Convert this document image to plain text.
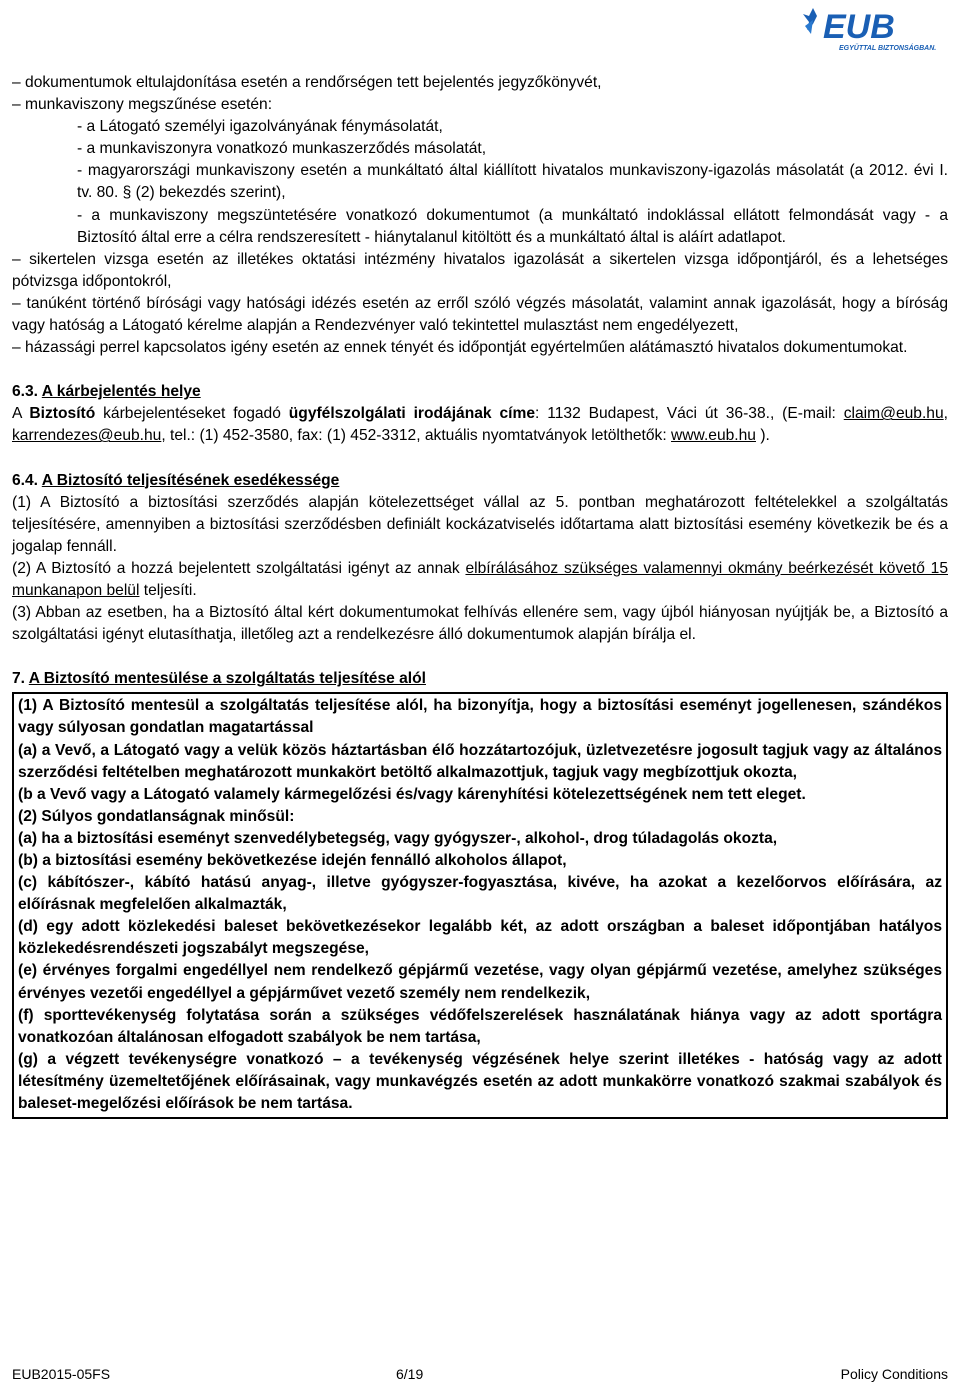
EUB
EGYÜTTAL BIZTONSÁGBAN.

– dokumentumok eltulajdonítása esetén a rendőrségen tett bejelentés jegyzőkönyvét,

– munkaviszony megszűnése esetén:

- a Látogató személyi igazolványának fénymásolatát,

- a munkaviszonyra vonatkozó munkaszerződés másolatát,

- magyarországi munkaviszony esetén a munkáltató által kiállított hivatalos munkaviszony-igazolás másolatát (a 2012. évi I. tv. 80. § (2) bekezdés szerint),

- a munkaviszony megszüntetésére vonatkozó dokumentumot (a munkáltató indoklással ellátott felmondását vagy - a Biztosító által erre a célra rendszeresített - hiánytalanul kitöltött és a munkáltató által is aláírt adatlapot.

– sikertelen vizsga esetén az illetékes oktatási intézmény hivatalos igazolását a sikertelen vizsga időpontjáról, és a lehetséges pótvizsga időpontokról,

– tanúként történő bírósági vagy hatósági idézés esetén az erről szóló végzés másolatát, valamint annak igazolását, hogy a bíróság vagy hatóság a Látogató kérelme alapján a Rendezvényer való tekintettel mulasztást nem engedélyezett,

– házassági perrel kapcsolatos igény esetén az ennek tényét és időpontját egyértelműen alátámasztó hivatalos dokumentumokat.

6.3. A kárbejelentés helye

A Biztosító kárbejelentéseket fogadó ügyfélszolgálati irodájának címe: 1132 Budapest, Váci út 36-38., (E-mail: claim@eub.hu, karrendezes@eub.hu, tel.: (1) 452-3580, fax: (1) 452-3312, aktuális nyomtatványok letölthetők: www.eub.hu ).

6.4. A Biztosító teljesítésének esedékessége

(1) A Biztosító a biztosítási szerződés alapján kötelezettséget vállal az 5. pontban meghatározott feltételekkel a szolgáltatás teljesítésére, amennyiben a biztosítási szerződésben definiált kockázatviselés időtartama alatt biztosítási esemény következik be és a jogalap fennáll.

(2) A Biztosító a hozzá bejelentett szolgáltatási igényt az annak elbírálásához szükséges valamennyi okmány beérkezését követő 15 munkanapon belül teljesíti.

(3) Abban az esetben, ha a Biztosító által kért dokumentumokat felhívás ellenére sem, vagy újból hiányosan nyújtják be, a Biztosító a szolgáltatási igényt elutasíthatja, illetőleg azt a rendelkezésre álló dokumentumok alapján bírálja el.

7. A Biztosító mentesülése a szolgáltatás teljesítése alól

(1) A Biztosító mentesül a szolgáltatás teljesítése alól, ha bizonyítja, hogy a biztosítási eseményt jogellenesen, szándékos vagy súlyosan gondatlan magatartással

(a) a Vevő, a Látogató vagy a velük közös háztartásban élő hozzátartozójuk, üzletvezetésre jogosult tagjuk vagy az általános szerződési feltételben meghatározott munkakört betöltő alkalmazottjuk, tagjuk vagy megbízottjuk okozta,

(b a Vevő vagy a Látogató valamely kármegelőzési és/vagy kárenyhítési kötelezettségének nem tett eleget.

(2) Súlyos gondatlanságnak minősül:

(a) ha a biztosítási eseményt szenvedélybetegség, vagy gyógyszer-, alkohol-, drog túladagolás okozta,

(b) a biztosítási esemény bekövetkezése idején fennálló alkoholos állapot,

(c) kábítószer-, kábító hatású anyag-, illetve gyógyszer-fogyasztása, kivéve, ha azokat a kezelőorvos előírására, az előírásnak megfelelően alkalmazták,

(d) egy adott közlekedési baleset bekövetkezésekor legalább két, az adott országban a baleset időpontjában hatályos közlekedésrendészeti jogszabályt megszegése,

(e) érvényes forgalmi engedéllyel nem rendelkező gépjármű vezetése, vagy olyan gépjármű vezetése, amelyhez szükséges érvényes vezetői engedéllyel a gépjárművet vezető személy nem rendelkezik,

(f) sporttevékenység folytatása során a szükséges védőfelszerelések használatának hiánya vagy az adott sportágra vonatkozóan általánosan elfogadott szabályok be nem tartása,

(g) a végzett tevékenységre vonatkozó – a tevékenység végzésének helye szerint illetékes - hatóság vagy az adott létesítmény üzemeltetőjének előírásainak, vagy munkavégzés esetén az adott munkakörre vonatkozó szakmai szabályok és baleset-megelőzési előírások be nem tartása.

EUB2015-05FS	6/19	Policy Conditions
